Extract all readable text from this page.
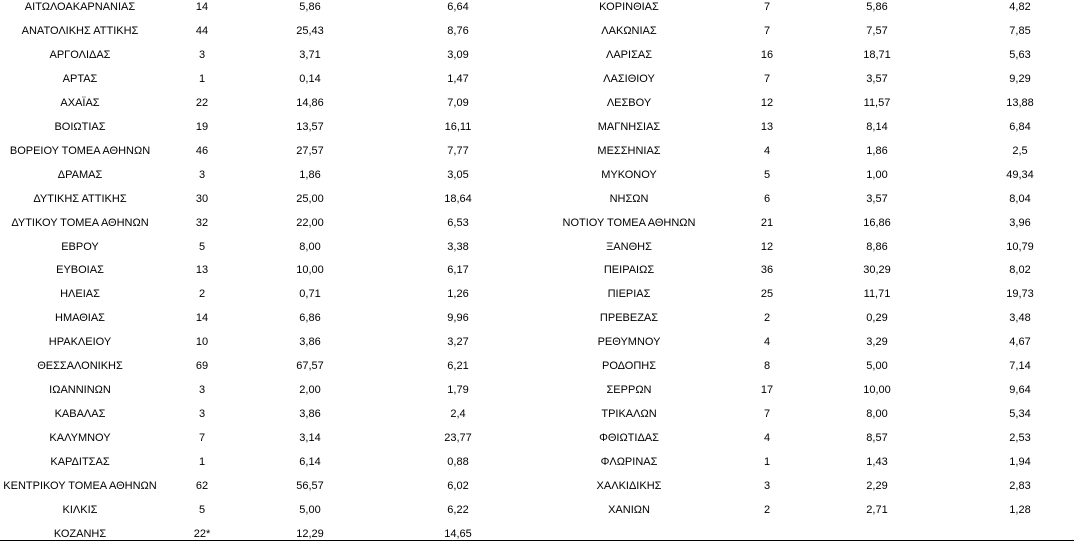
ΑΙΤΩΛΟΑΚΑΡΝΑΝΙΑΣ	14	5,86	6,64
ΑΝΑΤΟΛΙΚΗΣ ΑΤΤΙΚΗΣ	44	25,43	8,76
ΑΡΓΟΛΙΔΑΣ	3	3,71	3,09
ΑΡΤΑΣ	1	0,14	1,47
ΑΧΑΪΑΣ	22	14,86	7,09
ΒΟΙΩΤΙΑΣ	19	13,57	16,11
ΒΟΡΕΙΟΥ ΤΟΜΕΑ ΑΘΗΝΩΝ	46	27,57	7,77
ΔΡΑΜΑΣ	3	1,86	3,05
ΔΥΤΙΚΗΣ ΑΤΤΙΚΗΣ	30	25,00	18,64
ΔΥΤΙΚΟΥ ΤΟΜΕΑ ΑΘΗΝΩΝ	32	22,00	6,53
ΕΒΡΟΥ	5	8,00	3,38
ΕΥΒΟΙΑΣ	13	10,00	6,17
ΗΛΕΙΑΣ	2	0,71	1,26
ΗΜΑΘΙΑΣ	14	6,86	9,96
ΗΡΑΚΛΕΙΟΥ	10	3,86	3,27
ΘΕΣΣΑΛΟΝΙΚΗΣ	69	67,57	6,21
ΙΩΑΝΝΙΝΩΝ	3	2,00	1,79
ΚΑΒΑΛΑΣ	3	3,86	2,4
ΚΑΛΥΜΝΟΥ	7	3,14	23,77
ΚΑΡΔΙΤΣΑΣ	1	6,14	0,88
ΚΕΝΤΡΙΚΟΥ ΤΟΜΕΑ ΑΘΗΝΩΝ	62	56,57	6,02
ΚΙΛΚΙΣ	5	5,00	6,22
ΚΟΖΑΝΗΣ	22*	12,29	14,65
ΚΟΡΙΝΘΙΑΣ	7	5,86	4,82
ΛΑΚΩΝΙΑΣ	7	7,57	7,85
ΛΑΡΙΣΑΣ	16	18,71	5,63
ΛΑΣΙΘΙΟΥ	7	3,57	9,29
ΛΕΣΒΟΥ	12	11,57	13,88
ΜΑΓΝΗΣΙΑΣ	13	8,14	6,84
ΜΕΣΣΗΝΙΑΣ	4	1,86	2,5
ΜΥΚΟΝΟΥ	5	1,00	49,34
ΝΗΣΩΝ	6	3,57	8,04
ΝΟΤΙΟΥ ΤΟΜΕΑ ΑΘΗΝΩΝ	21	16,86	3,96
ΞΑΝΘΗΣ	12	8,86	10,79
ΠΕΙΡΑΙΩΣ	36	30,29	8,02
ΠΙΕΡΙΑΣ	25	11,71	19,73
ΠΡΕΒΕΖΑΣ	2	0,29	3,48
ΡΕΘΥΜΝΟΥ	4	3,29	4,67
ΡΟΔΟΠΗΣ	8	5,00	7,14
ΣΕΡΡΩΝ	17	10,00	9,64
ΤΡΙΚΑΛΩΝ	7	8,00	5,34
ΦΘΙΩΤΙΔΑΣ	4	8,57	2,53
ΦΛΩΡΙΝΑΣ	1	1,43	1,94
ΧΑΛΚΙΔΙΚΗΣ	3	2,29	2,83
ΧΑΝΙΩΝ	2	2,71	1,28
